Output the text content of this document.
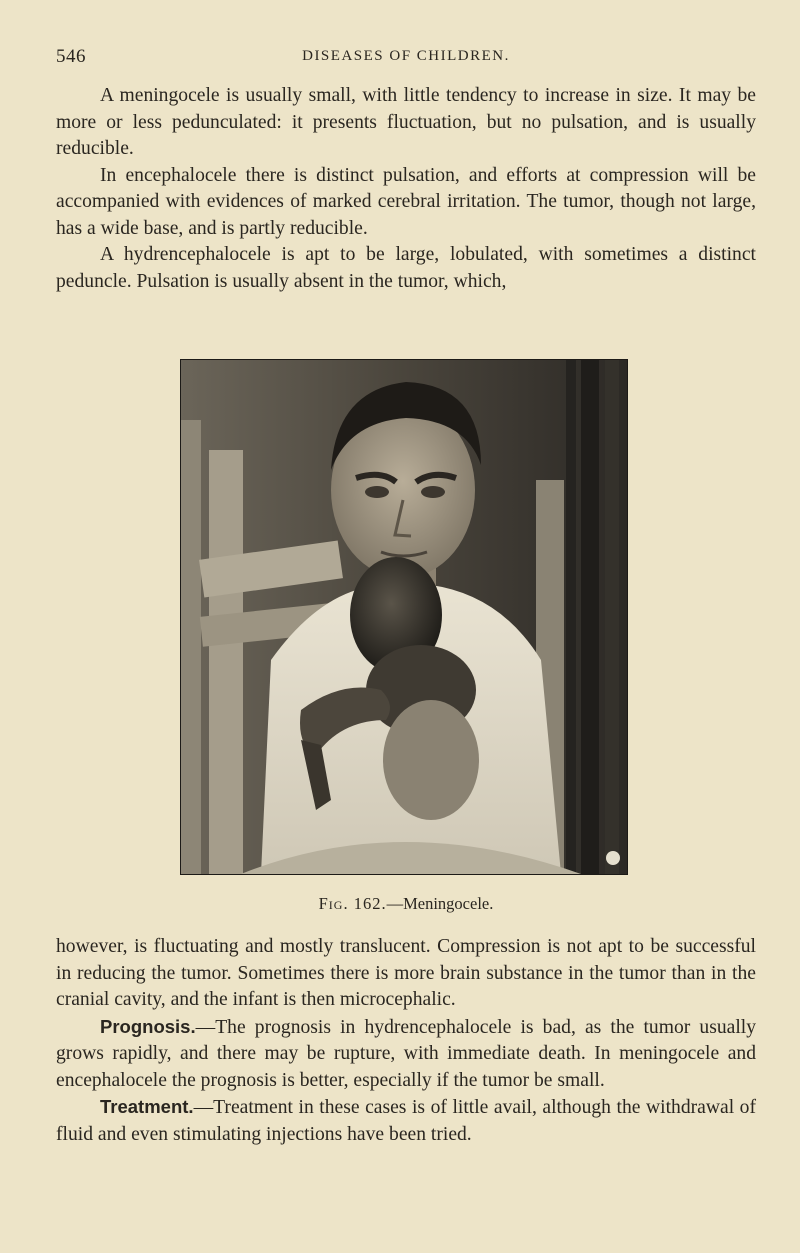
546	DISEASES OF CHILDREN.

A meningocele is usually small, with little tendency to increase in size. It may be more or less pedunculated: it presents fluctuation, but no pulsation, and is usually reducible.

In encephalocele there is distinct pulsation, and efforts at compression will be accompanied with evidences of marked cerebral irritation. The tumor, though not large, has a wide base, and is partly reducible.

A hydrencephalocele is apt to be large, lobulated, with sometimes a distinct peduncle. Pulsation is usually absent in the tumor, which,

Fig. 162.—Meningocele.

however, is fluctuating and mostly translucent. Compression is not apt to be successful in reducing the tumor. Sometimes there is more brain substance in the tumor than in the cranial cavity, and the infant is then microcephalic.

Prognosis.—The prognosis in hydrencephalocele is bad, as the tumor usually grows rapidly, and there may be rupture, with immediate death. In meningocele and encephalocele the prognosis is better, especially if the tumor be small.

Treatment.—Treatment in these cases is of little avail, although the withdrawal of fluid and even stimulating injections have been tried.
